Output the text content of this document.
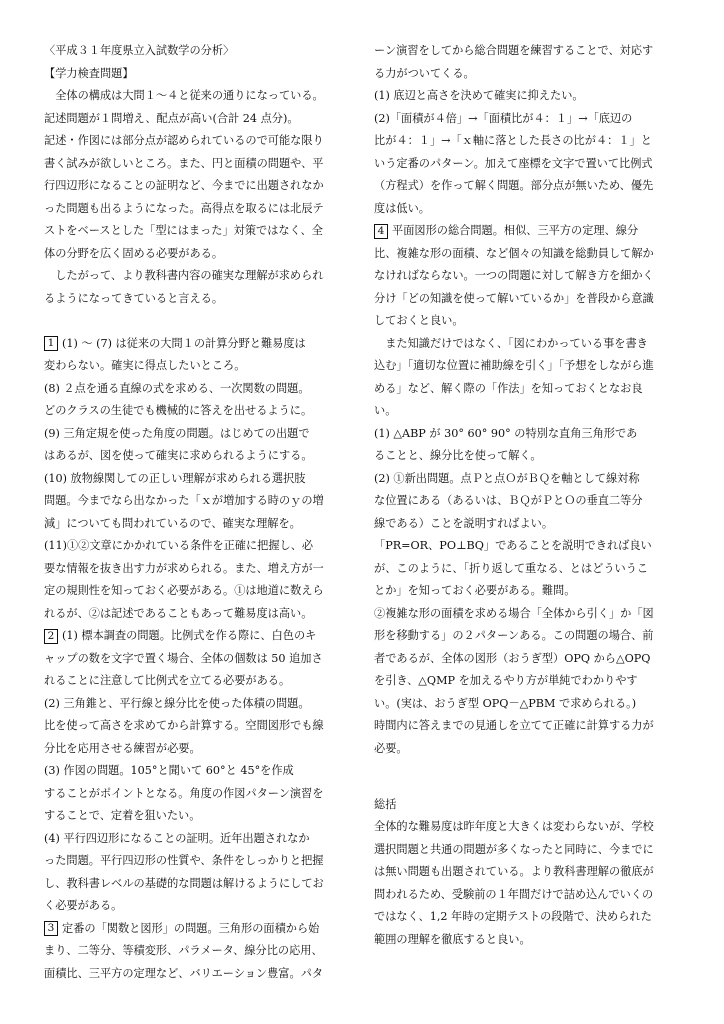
〈平成３１年度県立入試数学の分析〉
【学力検査問題】
　全体の構成は大問１～４と従来の通りになっている。
記述問題が１問増え、配点が高い(合計 24 点分)。
記述・作図には部分点が認められているので可能な限り
書く試みが欲しいところ。また、円と面積の問題や、平
行四辺形になることの証明など、今までに出題されなか
った問題も出るようになった。高得点を取るには北辰テ
ストをベースとした「型にはまった」対策ではなく、全
体の分野を広く固める必要がある。
　したがって、より教科書内容の確実な理解が求められ
るようになってきていると言える。
1 (1) ～ (7) は従来の大問１の計算分野と難易度は
変わらない。確実に得点したいところ。
(8) ２点を通る直線の式を求める、一次関数の問題。
どのクラスの生徒でも機械的に答えを出せるように。
(9) 三角定規を使った角度の問題。はじめての出題で
はあるが、図を使って確実に求められるようにする。
(10) 放物線関しての正しい理解が求められる選択肢
問題。今までなら出なかった「ｘが増加する時のｙの増
減」についても問われているので、確実な理解を。
(11)①②文章にかかれている条件を正確に把握し、必
要な情報を抜き出す力が求められる。また、増え方が一
定の規則性を知っておく必要がある。①は地道に数えら
れるが、②は記述であることもあって難易度は高い。
2 (1) 標本調査の問題。比例式を作る際に、白色のキ
ャップの数を文字で置く場合、全体の個数は 50 追加さ
れることに注意して比例式を立てる必要がある。
(2) 三角錐と、平行線と線分比を使った体積の問題。
比を使って高さを求めてから計算する。空間図形でも線
分比を応用させる練習が必要。
(3) 作図の問題。105°と聞いて 60°と 45°を作成
することがポイントとなる。角度の作図パターン演習を
することで、定着を狙いたい。
(4) 平行四辺形になることの証明。近年出題されなか
った問題。平行四辺形の性質や、条件をしっかりと把握
し、教科書レベルの基礎的な問題は解けるようにしてお
く必要がある。
3 定番の「関数と図形」の問題。三角形の面積から始
まり、二等分、等積変形、パラメータ、線分比の応用、
面積比、三平方の定理など、バリエーション豊富。パタ
ーン演習をしてから総合問題を練習することで、対応す
る力がついてくる。
(1) 底辺と高さを決めて確実に抑えたい。
(2)「面積が４倍」→「面積比が４：１」→「底辺の
比が４：１」→「ｘ軸に落とした長さの比が４：１」と
いう定番のパターン。加えて座標を文字で置いて比例式
（方程式）を作って解く問題。部分点が無いため、優先
度は低い。
4 平面図形の総合問題。相似、三平方の定理、線分
比、複雑な形の面積、など個々の知識を総動員して解か
なければならない。一つの問題に対して解き方を細かく
分け「どの知識を使って解いているか」を普段から意識
しておくと良い。
　また知識だけではなく、「図にわかっている事を書き
込む」「適切な位置に補助線を引く」「予想をしながら進
める」など、解く際の「作法」を知っておくとなお良
い。
(1) △ABP が 30° 60° 90° の特別な直角三角形であ
ることと、線分比を使って解く。
(2) ①新出問題。点Ｐと点ＯがＢＱを軸として線対称
な位置にある（あるいは、ＢＱがＰとＯの垂直二等分
線である）ことを説明すればよい。
「PR=OR、PO⊥BQ」であることを説明できれば良い
が、このように、「折り返して重なる、とはどういうこ
とか」を知っておく必要がある。難問。
②複雑な形の面積を求める場合「全体から引く」か「図
形を移動する」の２パターンある。この問題の場合、前
者であるが、全体の図形（おうぎ型）OPQ から△OPQ
を引き、△QMP を加えるやり方が単純でわかりやす
い。(実は、おうぎ型 OPQ－△PBM で求められる。)
時間内に答えまでの見通しを立てて正確に計算する力が
必要。
総括
全体的な難易度は昨年度と大きくは変わらないが、学校
選択問題と共通の問題が多くなったと同時に、今までに
は無い問題も出題されている。より教科書理解の徹底が
問われるため、受験前の１年間だけで詰め込んでいくの
ではなく、1,2 年時の定期テストの段階で、決められた
範囲の理解を徹底すると良い。
